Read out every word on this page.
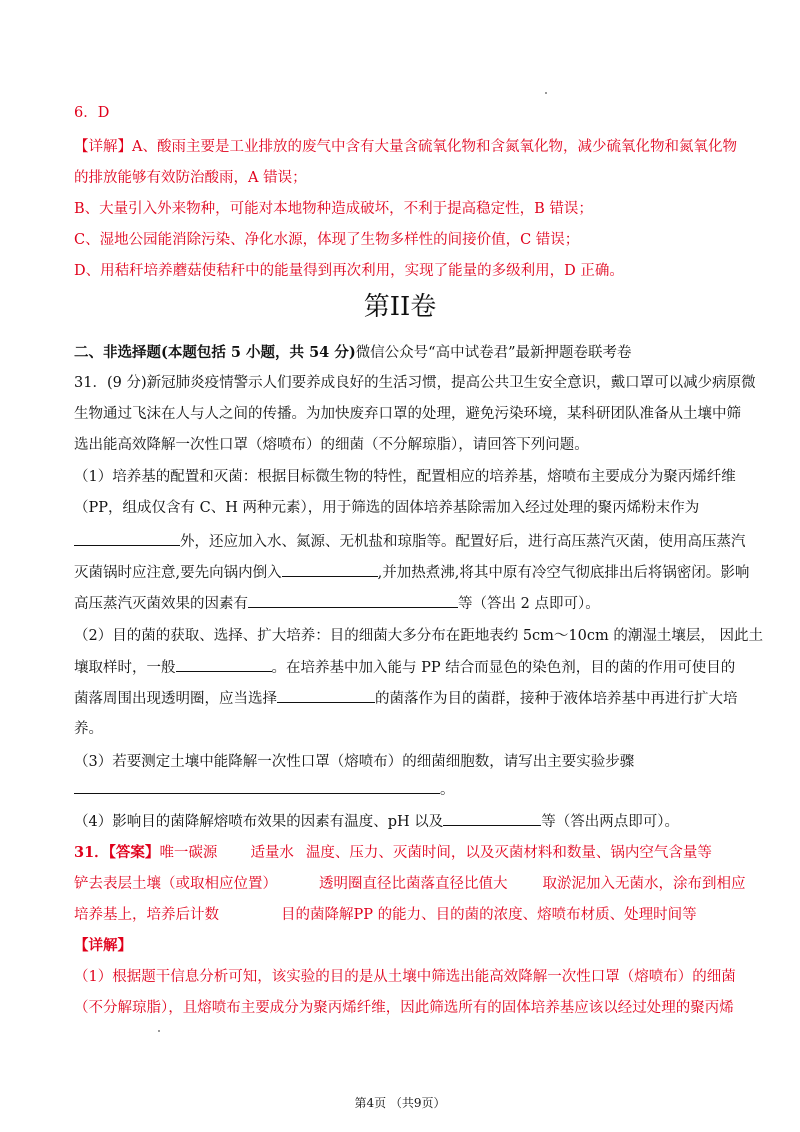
6．D
【详解】A、酸雨主要是工业排放的废气中含有大量含硫氧化物和含氮氧化物，减少硫氧化物和氮氧化物
的排放能够有效防治酸雨，A 错误；
B、大量引入外来物种，可能对本地物种造成破坏，不利于提高稳定性，B 错误；
C、湿地公园能消除污染、净化水源，体现了生物多样性的间接价值，C 错误；
D、用秸秆培养蘑菇使秸秆中的能量得到再次利用，实现了能量的多级利用，D 正确。
第II卷
二、非选择题(本题包括 5 小题，共 54 分)微信公众号“高中试卷君”最新押题卷联考卷
31．(9 分)新冠肺炎疫情警示人们要养成良好的生活习惯，提高公共卫生安全意识，戴口罩可以减少病原微
生物通过飞沫在人与人之间的传播。为加快废弃口罩的处理，避免污染环境，某科研团队准备从土壤中筛
选出能高效降解一次性口罩（熔喷布）的细菌（不分解琼脂），请回答下列问题。
（1）培养基的配置和灭菌：根据目标微生物的特性，配置相应的培养基，熔喷布主要成分为聚丙烯纤维
（PP，组成仅含有 C、H 两种元素），用于筛选的固体培养基除需加入经过处理的聚丙烯粉末作为
外，还应加入水、氮源、无机盐和琼脂等。配置好后，进行高压蒸汽灭菌，使用高压蒸汽
灭菌锅时应注意,要先向锅内倒入	,并加热煮沸,将其中原有冷空气彻底排出后将锅密闭。影响
高压蒸汽灭菌效果的因素有	等（答出 2 点即可）。
（2）目的菌的获取、选择、扩大培养：目的细菌大多分布在距地表约 5cm～10cm 的潮湿土壤层， 因此土
壤取样时，一般	。在培养基中加入能与 PP 结合而显色的染色剂，目的菌的作用可使目的
菌落周围出现透明圈，应当选择	的菌落作为目的菌群，接种于液体培养基中再进行扩大培
养。
（3）若要测定土壤中能降解一次性口罩（熔喷布）的细菌细胞数，请写出主要实验步骤
。
（4）影响目的菌降解熔喷布效果的因素有温度、pH 以及	等（答出两点即可）。
31．【答案】唯一碳源 适量水 温度、压力、灭菌时间，以及灭菌材料和数量、锅内空气含量等
铲去表层土壤（或取相应位置）	透明圈直径比菌落直径比值大 取淤泥加入无菌水，涂布到相应
培养基上，培养后计数	目的菌降解PP 的能力、目的菌的浓度、熔喷布材质、处理时间等
【详解】
（1）根据题干信息分析可知，该实验的目的是从土壤中筛选出能高效降解一次性口罩（熔喷布）的细菌
（不分解琼脂），且熔喷布主要成分为聚丙烯纤维，因此筛选所有的固体培养基应该以经过处理的聚丙烯
第4页 （共9页）
